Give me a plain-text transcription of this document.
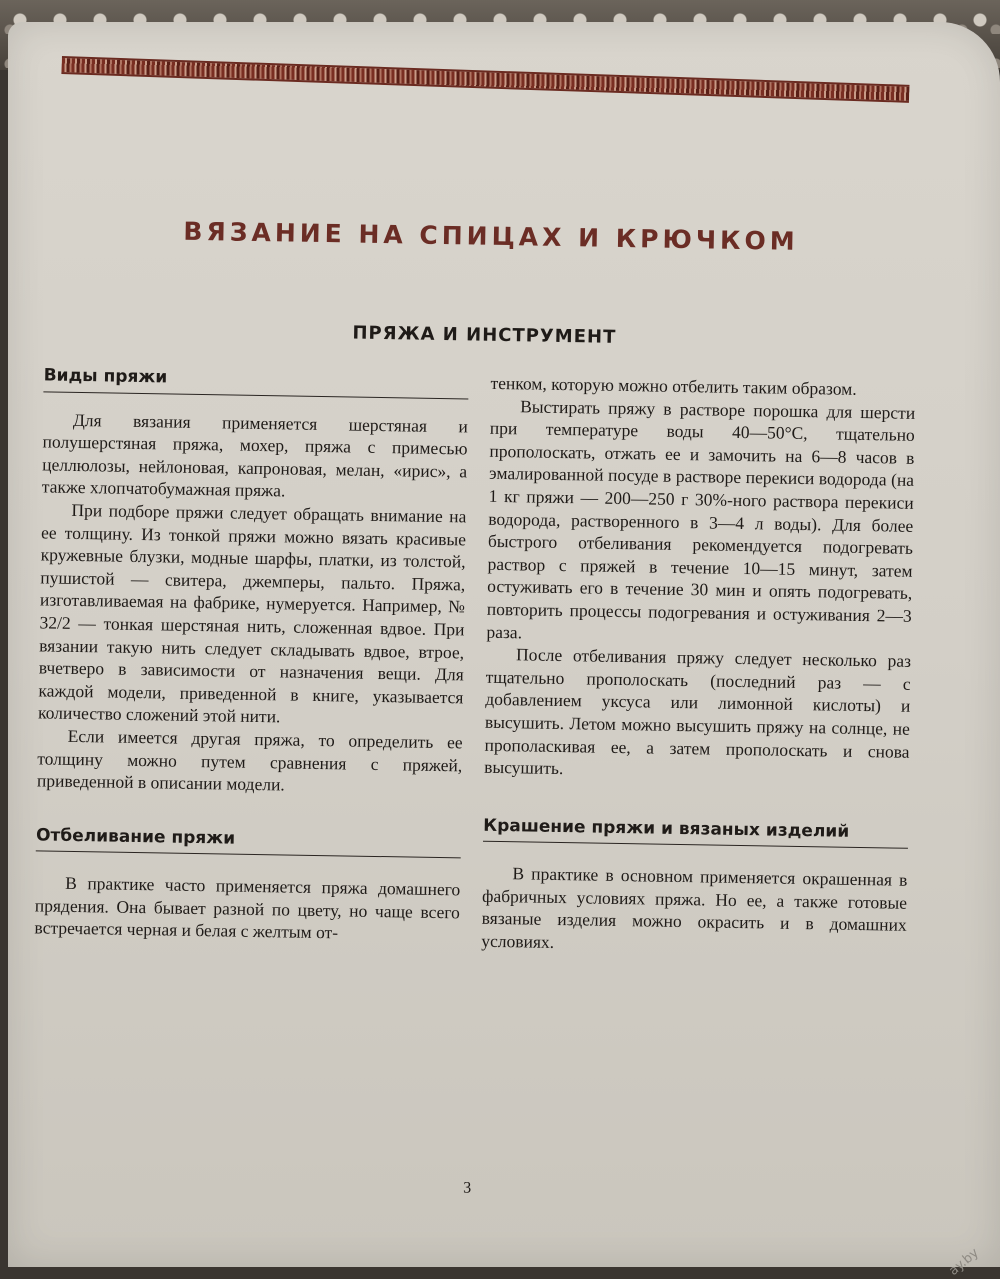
ВЯЗАНИЕ НА СПИЦАХ И КРЮЧКОМ
ПРЯЖА И ИНСТРУМЕНТ
Виды пряжи

Для вязания применяется шерстяная и полушерстяная пряжа, мохер, пряжа с примесью целлюлозы, нейлоновая, капроновая, мелан, «ирис», а также хлопчатобумажная пряжа.

При подборе пряжи следует обращать внимание на ее толщину. Из тонкой пряжи можно вязать красивые кружевные блузки, модные шарфы, платки, из толстой, пушистой — свитера, джемперы, пальто. Пряжа, изготавливаемая на фабрике, нумеруется. Например, № 32/2 — тонкая шерстяная нить, сложенная вдвое. При вязании такую нить следует складывать вдвое, втрое, вчетверо в зависимости от назначения вещи. Для каждой модели, приведенной в книге, указывается количество сложений этой нити.

Если имеется другая пряжа, то определить ее толщину можно путем сравнения с пряжей, приведенной в описании модели.

Отбеливание пряжи

В практике часто применяется пряжа домашнего прядения. Она бывает разной по цвету, но чаще всего встречается черная и белая с желтым от-

тенком, которую можно отбелить таким образом.

Выстирать пряжу в растворе порошка для шерсти при температуре воды 40—50°С, тщательно прополоскать, отжать ее и замочить на 6—8 часов в эмалированной посуде в растворе перекиси водорода (на 1 кг пряжи — 200—250 г 30%-ного раствора перекиси водорода, растворенного в 3—4 л воды). Для более быстрого отбеливания рекомендуется подогревать раствор с пряжей в течение 10—15 минут, затем остуживать его в течение 30 мин и опять подогревать, повторить процессы подогревания и остуживания 2—3 раза.

После отбеливания пряжу следует несколько раз тщательно прополоскать (последний раз — с добавлением уксуса или лимонной кислоты) и высушить. Летом можно высушить пряжу на солнце, не прополаскивая ее, а затем прополоскать и снова высушить.

Крашение пряжи и вязаных изделий

В практике в основном применяется окрашенная в фабричных условиях пряжа. Но ее, а также готовые вязаные изделия можно окрасить и в домашних условиях.

3
ay.by
